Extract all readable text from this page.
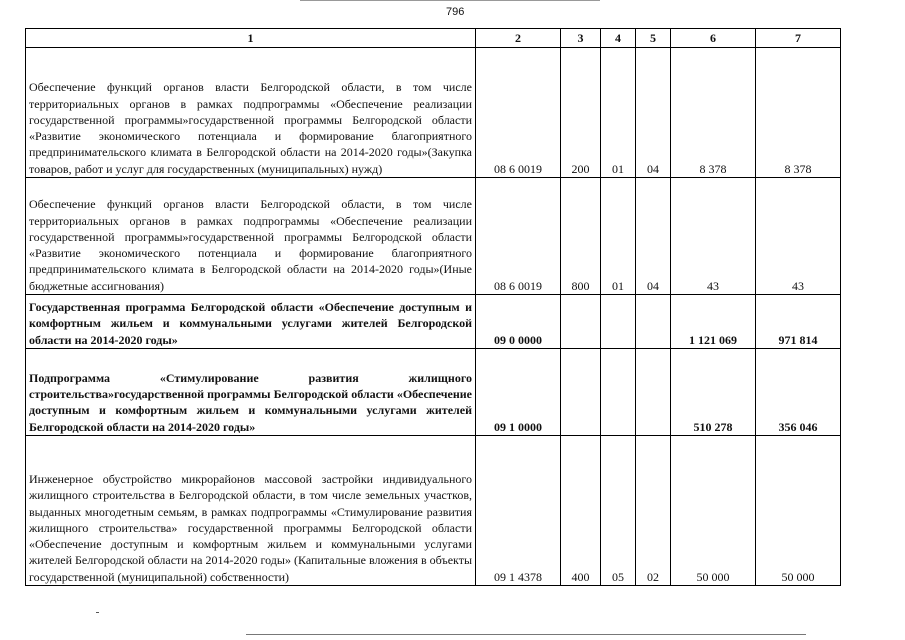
796
1	2	3	4	5	6	7
Обеспечение функций органов власти Белгородской области, в том числе территориальных органов в рамках подпрограммы «Обеспечение реализации государственной программы»государственной программы Белгородской области «Развитие экономического потенциала и формирование благоприятного предпринимательского климата в Белгородской области на 2014-2020 годы»(Закупка товаров, работ и услуг для государственных (муниципальных) нужд)	08 6 0019	200	01	04	8 378	8 378
Обеспечение функций органов власти Белгородской области, в том числе территориальных органов в рамках подпрограммы «Обеспечение реализации государственной программы»государственной программы Белгородской области «Развитие экономического потенциала и формирование благоприятного предпринимательского климата в Белгородской области на 2014-2020 годы»(Иные бюджетные ассигнования)	08 6 0019	800	01	04	43	43
Государственная программа Белгородской области «Обеспечение доступным и комфортным жильем и коммунальными услугами жителей Белгородской области на 2014-2020 годы»	09 0 0000				1 121 069	971 814
Подпрограмма «Стимулирование развития жилищного строительства»государственной программы Белгородской области «Обеспечение доступным и комфортным жильем и коммунальными услугами жителей Белгородской области на 2014-2020 годы»	09 1 0000				510 278	356 046
Инженерное обустройство микрорайонов массовой застройки индивидуального жилищного строительства в Белгородской области, в том числе земельных участков, выданных многодетным семьям, в рамках подпрограммы «Стимулирование развития жилищного строительства» государственной программы Белгородской области «Обеспечение доступным и комфортным жильем и коммунальными услугами жителей Белгородской области на 2014-2020 годы» (Капитальные вложения в объекты государственной (муниципальной) собственности)	09 1 4378	400	05	02	50 000	50 000
